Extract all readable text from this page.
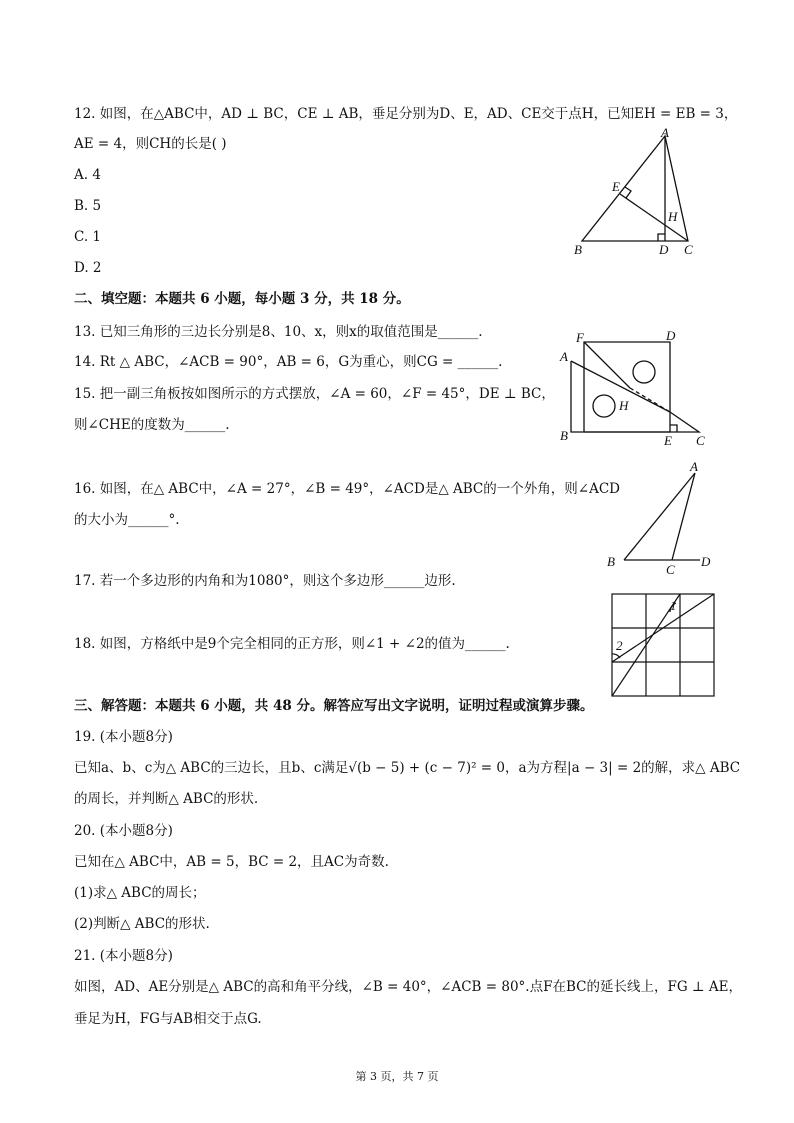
12. 如图，在△ABC中，AD ⊥ BC，CE ⊥ AB，垂足分别为D、E，AD、CE交于点H，已知EH = EB = 3，
AE = 4，则CH的长是( )
A. 4
B. 5
C. 1
D. 2
A
B	C
D
E
H
二、填空题：本题共 6 小题，每小题 3 分，共 18 分。
13. 已知三角形的三边长分别是8、10、x，则x的取值范围是______.
14. Rt △ ABC，∠ACB = 90°，AB = 6，G为重心，则CG = ______.
15. 把一副三角板按如图所示的方式摆放，∠A = 60，∠F = 45°，DE ⊥ BC，
则∠CHE的度数为______.
F	D
A
H
B	E C
16. 如图，在△ ABC中，∠A = 27°，∠B = 49°，∠ACD是△ ABC的一个外角，则∠ACD
的大小为______°.
A
B
C
D
17. 若一个多边形的内角和为1080°，则这个多边形______边形.
18. 如图，方格纸中是9个完全相同的正方形，则∠1 + ∠2的值为______.
1
2
三、解答题：本题共 6 小题，共 48 分。解答应写出文字说明，证明过程或演算步骤。
19. (本小题8分)
已知a、b、c为△ ABC的三边长，且b、c满足√(b − 5) + (c − 7)² = 0，a为方程|a − 3| = 2的解，求△ ABC
的周长，并判断△ ABC的形状.
20. (本小题8分)
已知在△ ABC中，AB = 5，BC = 2，且AC为奇数.
(1)求△ ABC的周长；
(2)判断△ ABC的形状.
21. (本小题8分)
如图，AD、AE分别是△ ABC的高和角平分线，∠B = 40°，∠ACB = 80°.点F在BC的延长线上，FG ⊥ AE，
垂足为H，FG与AB相交于点G.
第 3 页，共 7 页
